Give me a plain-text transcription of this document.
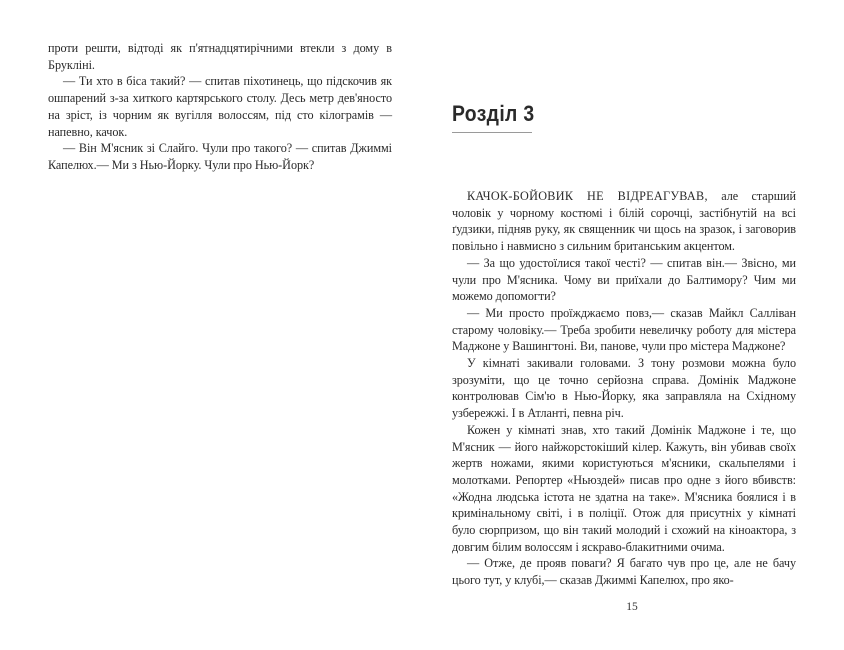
проти решти, відтоді як п'ятнадцятирічними втекли з дому в Брукліні.

— Ти хто в біса такий? — спитав піхотинець, що підскочив як ошпарений з-за хиткого картярського столу. Десь метр дев'яносто на зріст, із чорним як вугілля волоссям, під сто кілограмів — напевно, качок.

— Він М'ясник зі Слайго. Чули про такого? — спитав Джиммі Капелюх.— Ми з Нью-Йорку. Чули про Нью-Йорк?

Розділ 3

КАЧОК-БОЙОВИК НЕ ВІДРЕАГУВАВ, але старший чоловік у чорному костюмі і білій сорочці, застібнутій на всі ґудзики, підняв руку, як священник чи щось на зразок, і заговорив повільно і навмисно з сильним британським акцентом.

— За що удостоїлися такої честі? — спитав він.— Звісно, ми чули про М'ясника. Чому ви приїхали до Балтимору? Чим ми можемо допомогти?

— Ми просто проїжджаємо повз,— сказав Майкл Салліван старому чоловіку.— Треба зробити невеличку роботу для містера Маджоне у Вашингтоні. Ви, панове, чули про містера Маджоне?

У кімнаті закивали головами. З тону розмови можна було зрозуміти, що це точно серйозна справа. Домінік Маджоне контролював Сім'ю в Нью-Йорку, яка заправляла на Східному узбережжі. І в Атланті, певна річ.

Кожен у кімнаті знав, хто такий Домінік Маджоне і те, що М'ясник — його найжорстокіший кілер. Кажуть, він убивав своїх жертв ножами, якими користуються м'ясники, скальпелями і молотками. Репортер «Ньюздей» писав про одне з його вбивств: «Жодна людська істота не здатна на таке». М'ясника боялися і в кримінальному світі, і в поліції. Отож для присутніх у кімнаті було сюрпризом, що він такий молодий і схожий на кіноактора, з довгим білим волоссям і яскраво-блакитними очима.

— Отже, де прояв поваги? Я багато чув про це, але не бачу цього тут, у клубі,— сказав Джиммі Капелюх, про яко-

15
